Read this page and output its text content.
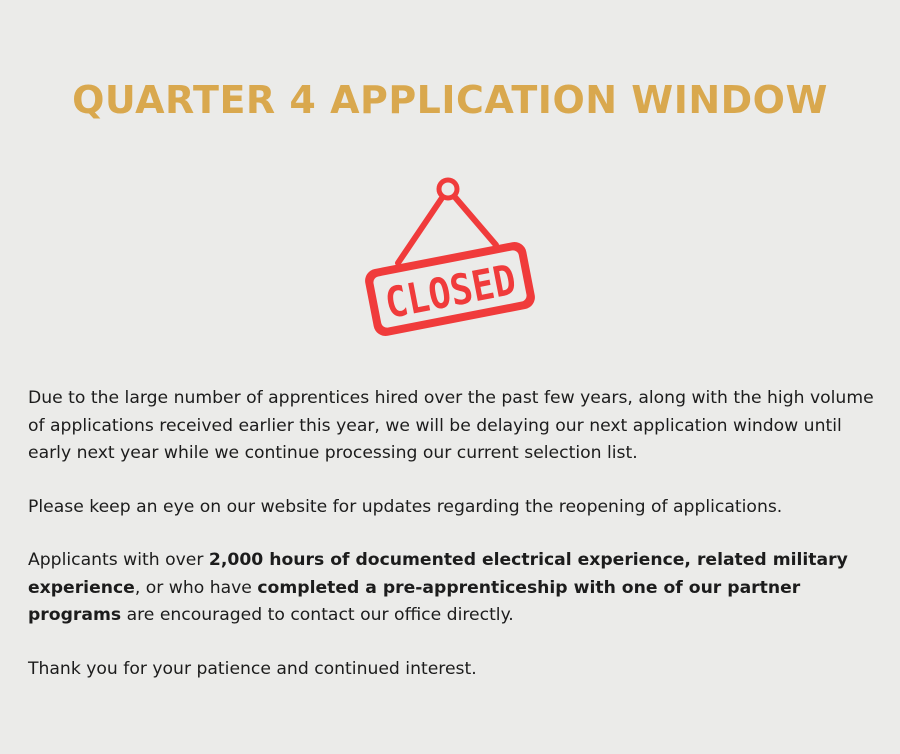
QUARTER 4 APPLICATION WINDOW
CLOSED

Due to the large number of apprentices hired over the past few years, along with the high volume of applications received earlier this year, we will be delaying our next application window until early next year while we continue processing our current selection list.

Please keep an eye on our website for updates regarding the reopening of applications.

Applicants with over 2,000 hours of documented electrical experience, related military experience, or who have completed a pre-apprenticeship with one of our partner programs are encouraged to contact our office directly.

Thank you for your patience and continued interest.
